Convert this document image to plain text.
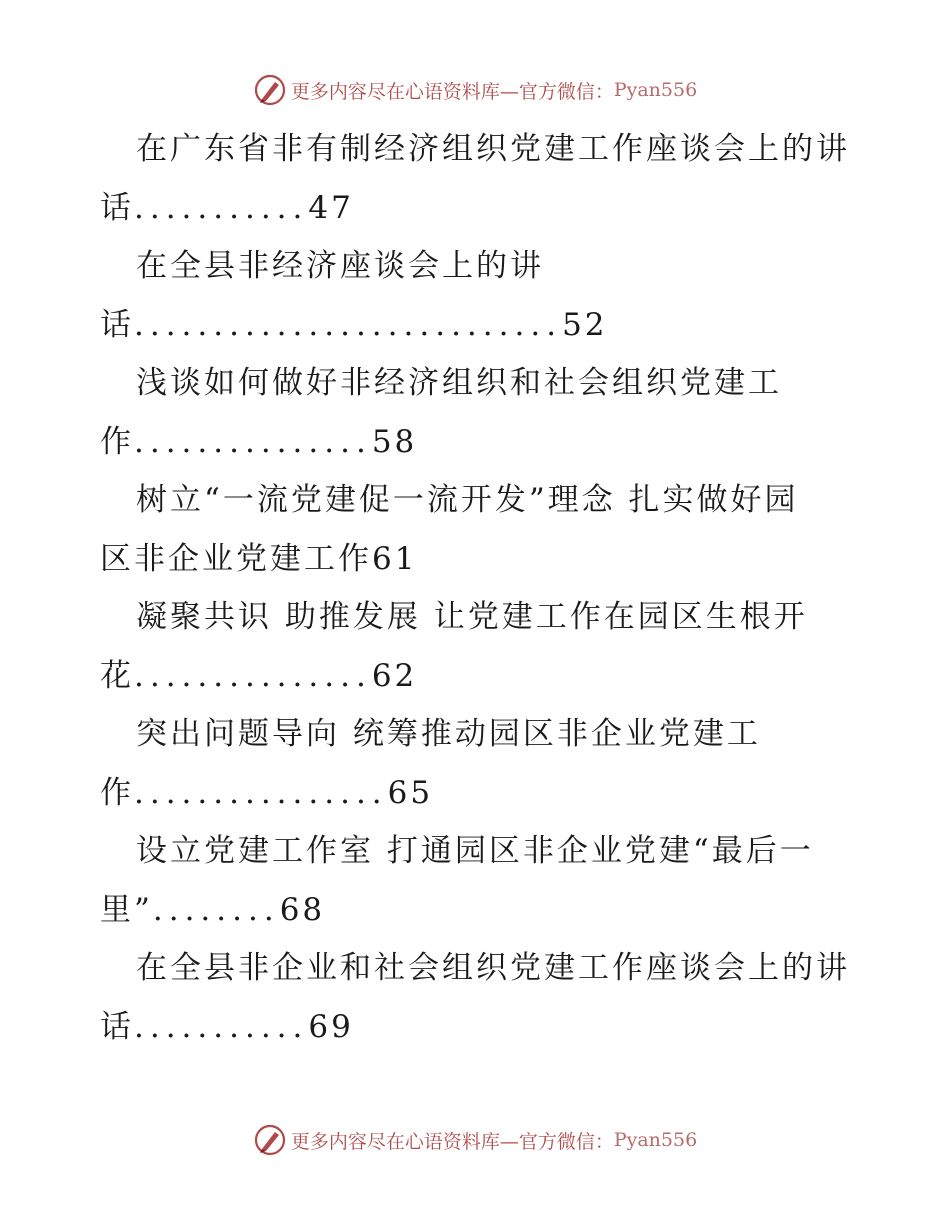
更多内容尽在心语资料库—官方微信： Pyan556
在广东省非有制经济组织党建工作座谈会上的讲
话...........47
在全县非经济座谈会上的讲
话...........................52
浅谈如何做好非经济组织和社会组织党建工
作...............58
树立“一流党建促一流开发”理念 扎实做好园
区非企业党建工作61
凝聚共识 助推发展 让党建工作在园区生根开
花...............62
突出问题导向 统筹推动园区非企业党建工
作................65
设立党建工作室 打通园区非企业党建“最后一
里”........68
在全县非企业和社会组织党建工作座谈会上的讲
话...........69
更多内容尽在心语资料库—官方微信： Pyan556
